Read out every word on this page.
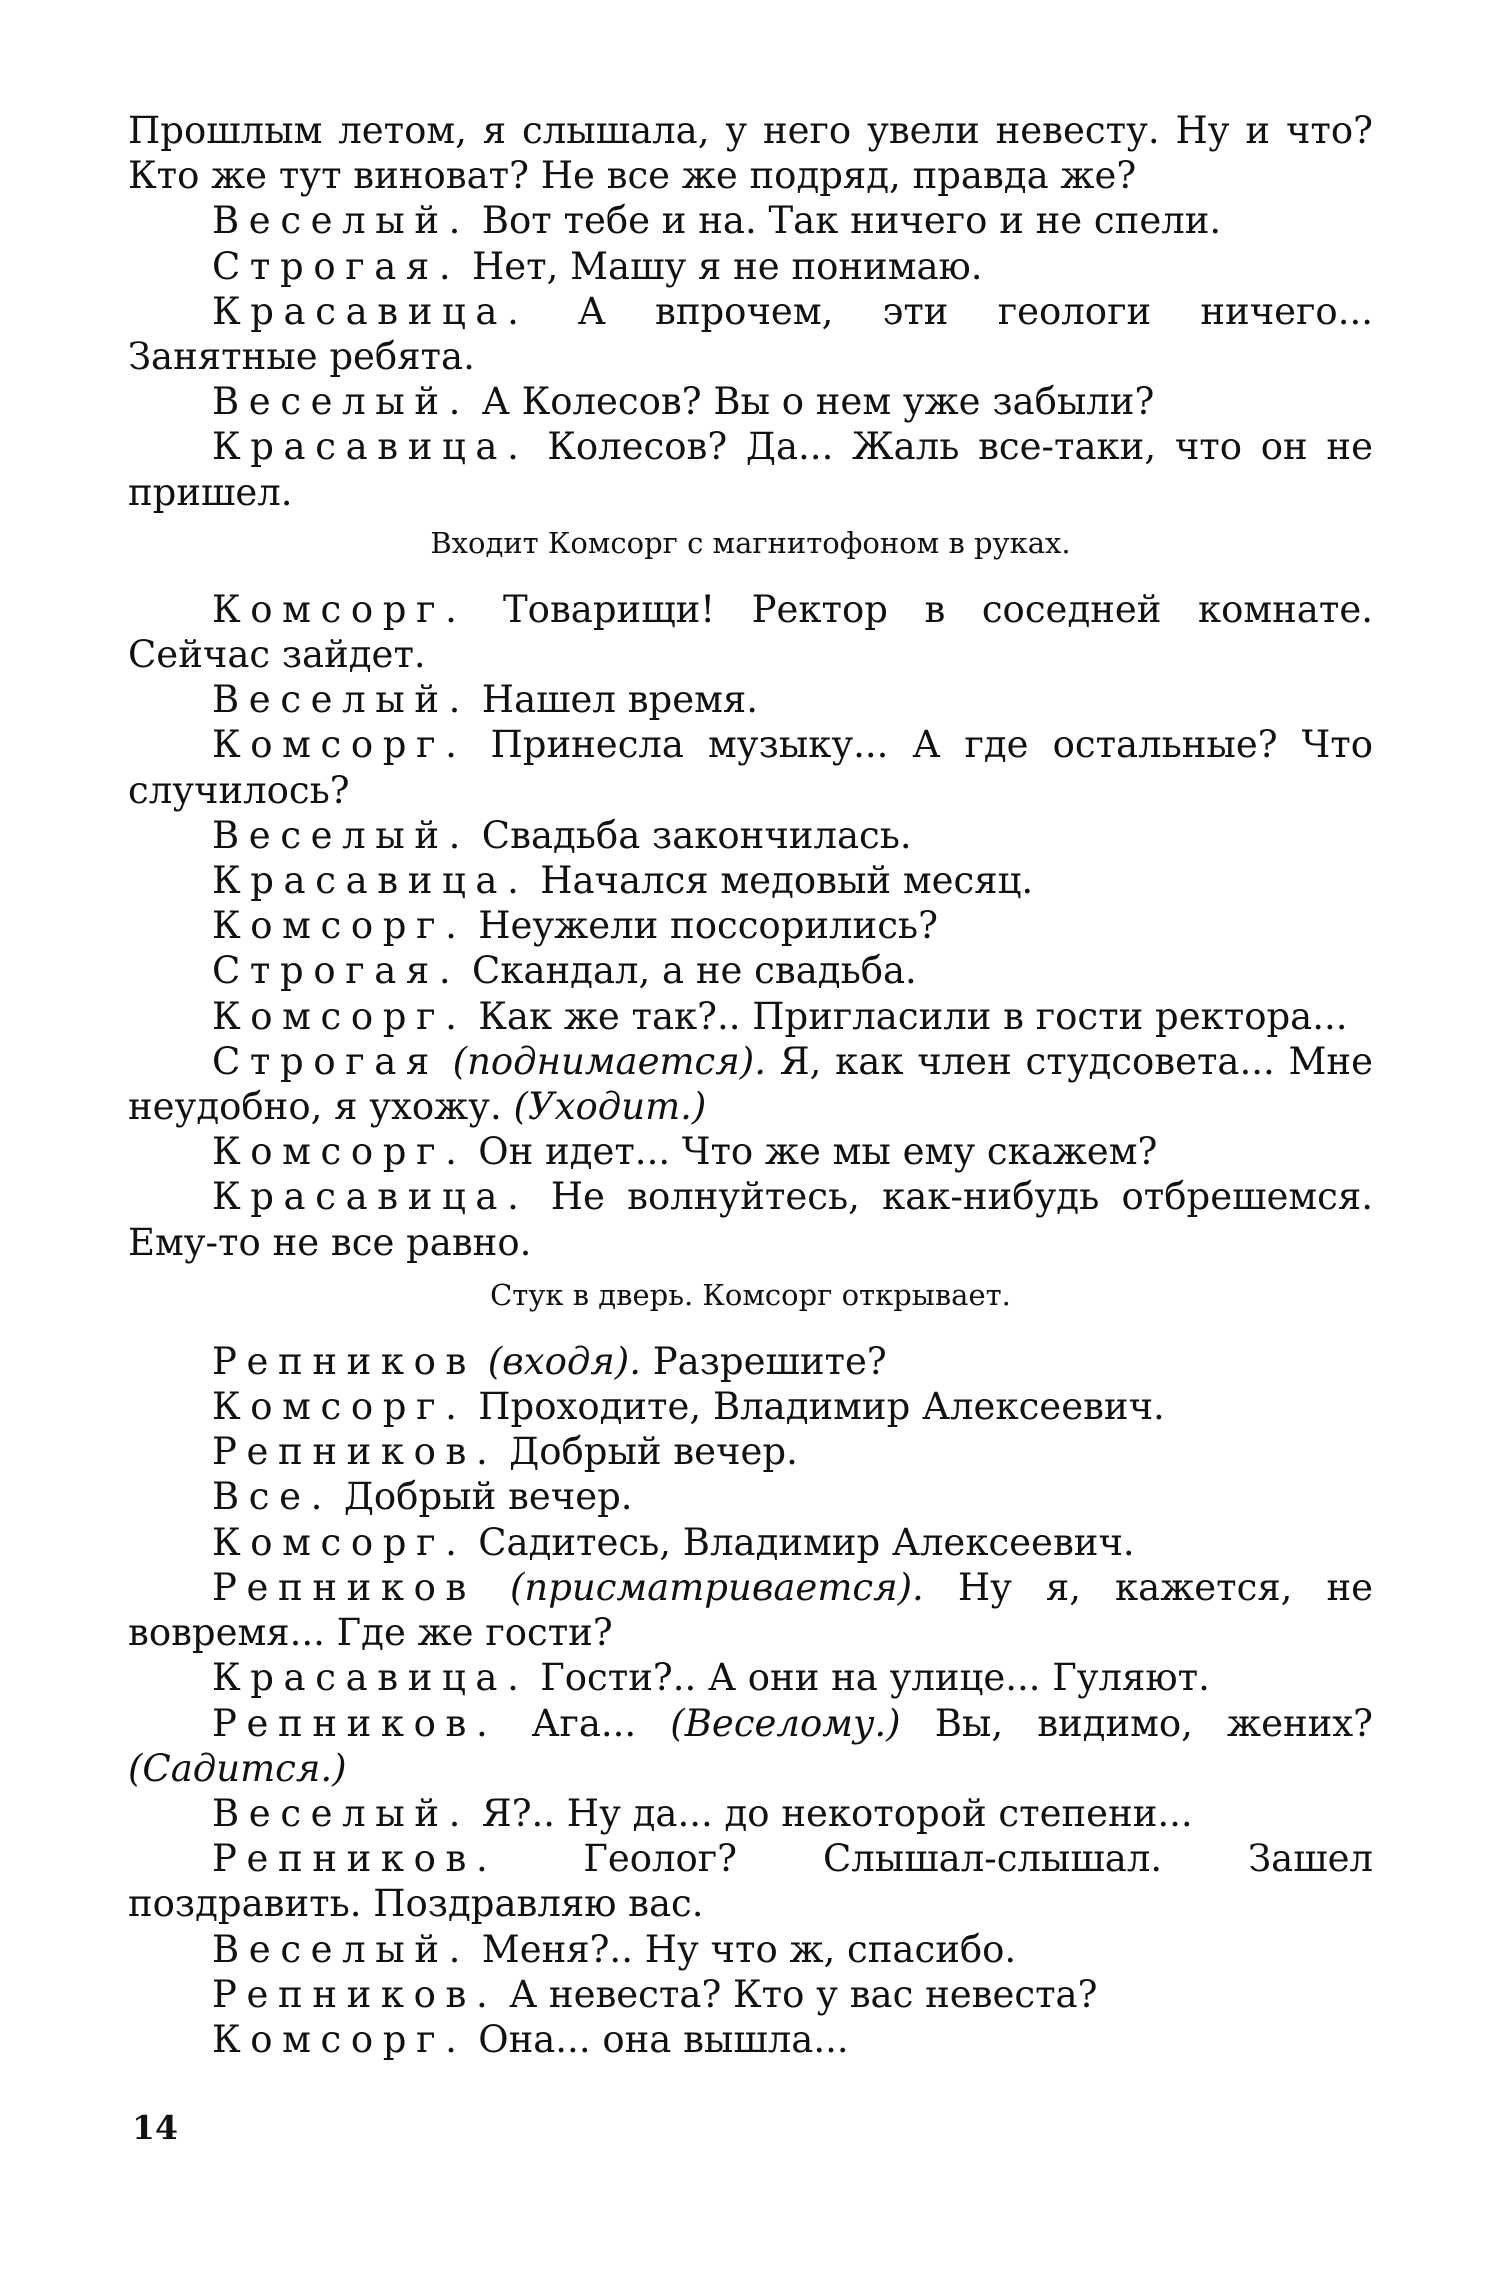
Прошлым летом, я слышала, у него увели невесту. Ну и что? Кто же тут виноват? Не все же подряд, правда же?

Веселый. Вот тебе и на. Так ничего и не спели.

Строгая. Нет, Машу я не понимаю.

Красавица. А впрочем, эти геологи ничего... Занятные ребята.

Веселый. А Колесов? Вы о нем уже забыли?

Красавица. Колесов? Да... Жаль все-таки, что он не пришел.

Входит Комсорг с магнитофоном в руках.

Комсорг. Товарищи! Ректор в соседней комнате. Сейчас зайдет.

Веселый. Нашел время.

Комсорг. Принесла музыку... А где остальные? Что случилось?

Веселый. Свадьба закончилась.

Красавица. Начался медовый месяц.

Комсорг. Неужели поссорились?

Строгая. Скандал, а не свадьба.

Комсорг. Как же так?.. Пригласили в гости ректора...

Строгая (поднимается). Я, как член студсовета... Мне неудобно, я ухожу. (Уходит.)

Комсорг. Он идет... Что же мы ему скажем?

Красавица. Не волнуйтесь, как-нибудь отбрешемся. Ему-то не все равно.

Стук в дверь. Комсорг открывает.

Репников (входя). Разрешите?

Комсорг. Проходите, Владимир Алексеевич.

Репников. Добрый вечер.

Все. Добрый вечер.

Комсорг. Садитесь, Владимир Алексеевич.

Репников (присматривается). Ну я, кажется, не вовремя... Где же гости?

Красавица. Гости?.. А они на улице... Гуляют.

Репников. Ага... (Веселому.) Вы, видимо, жених? (Садится.)

Веселый. Я?.. Ну да... до некоторой степени...

Репников. Геолог? Слышал-слышал. Зашел поздравить. Поздравляю вас.

Веселый. Меня?.. Ну что ж, спасибо.

Репников. А невеста? Кто у вас невеста?

Комсорг. Она... она вышла...

14
